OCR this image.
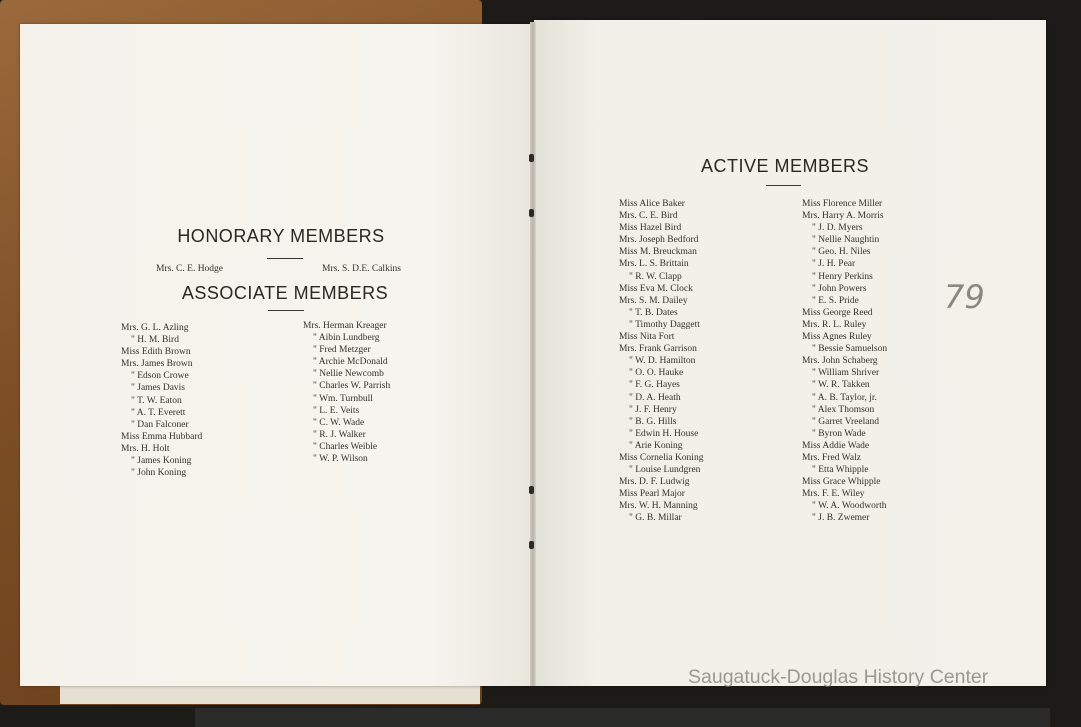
HONORARY MEMBERS
Mrs. C. E. Hodge	Mrs. S. D.E. Calkins
ASSOCIATE MEMBERS
Mrs. G. L. Azling
" H. M. Bird
Miss Edith Brown
Mrs. James Brown
" Edson Crowe
" James Davis
" T. W. Eaton
" A. T. Everett
" Dan Falconer
Miss Emma Hubbard
Mrs. H. Holt
" James Koning
" John Koning
Mrs. Herman Kreager
" Aibin Lundberg
" Fred Metzger
" Archie McDonald
" Nellie Newcomb
" Charles W. Parrish
" Wm. Turnbull
" L. E. Veits
" C. W. Wade
" R. J. Walker
" Charles Weible
" W. P. Wilson
ACTIVE MEMBERS
Miss Alice Baker
Mrs. C. E. Bird
Miss Hazel Bird
Mrs. Joseph Bedford
Miss M. Breuckman
Mrs. L. S. Brittain
" R. W. Clapp
Miss Eva M. Clock
Mrs. S. M. Dailey
" T. B. Dates
" Timothy Daggett
Miss Nita Fort
Mrs. Frank Garrison
" W. D. Hamilton
" O. O. Hauke
" F. G. Hayes
" D. A. Heath
" J. F. Henry
" B. G. Hills
" Edwin H. House
" Arie Koning
Miss Cornelia Koning
" Louise Lundgren
Mrs. D. F. Ludwig
Miss Pearl Major
Mrs. W. H. Manning
" G. B. Millar
Miss Florence Miller
Mrs. Harry A. Morris
" J. D. Myers
" Nellie Naughtin
" Geo. H. Niles
" J. H. Pear
" Henry Perkins
" John Powers
" E. S. Pride
Miss George Reed
Mrs. R. L. Ruley
Miss Agnes Ruley
" Bessie Samuelson
Mrs. John Schaberg
" William Shriver
" W. R. Takken
" A. B. Taylor, jr.
" Alex Thomson
" Garret Vreeland
" Byron Wade
Miss Addie Wade
Mrs. Fred Walz
" Etta Whipple
Miss Grace Whipple
Mrs. F. E. Wiley
" W. A. Woodworth
" J. B. Zwemer
79
Saugatuck-Douglas History Center
